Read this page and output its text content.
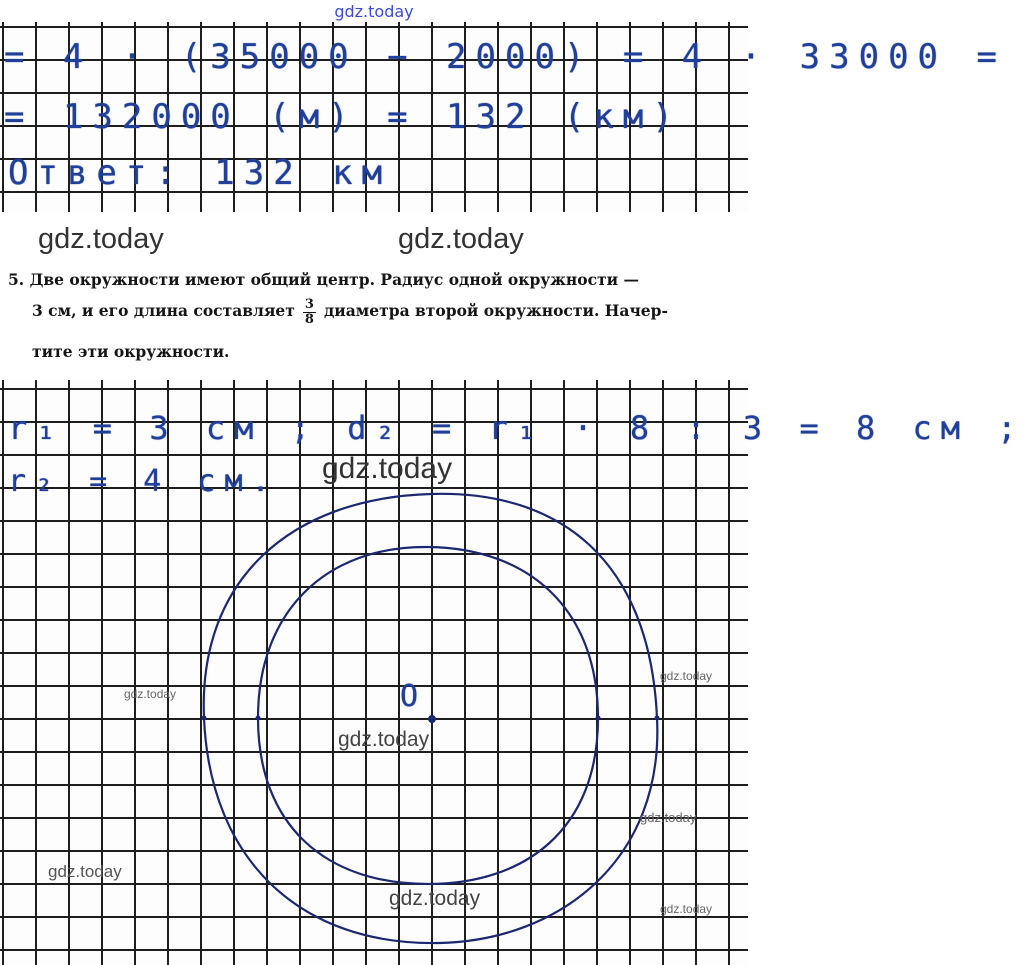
gdz.today
= 4 · (35000 − 2000) = 4 · 33000 =
= 132000 (м) = 132 (км)
Ответ: 132 км
gdz.today	gdz.today
5. Две окружности имеют общий центр. Радиус одной окружности —
3 см, и его длина составляет $\frac{3}{8}$ диаметра второй окружности. Начер-
тите эти окружности.
r₁ = 3 см ; d₂ = r₁ · 8 : 3 = 8 см ;
r₂ = 4 см.
O
gdz.today
gdz.today
gdz.today
gdz.today
gdz.today
gdz.today
gdz.today	gdz.today
